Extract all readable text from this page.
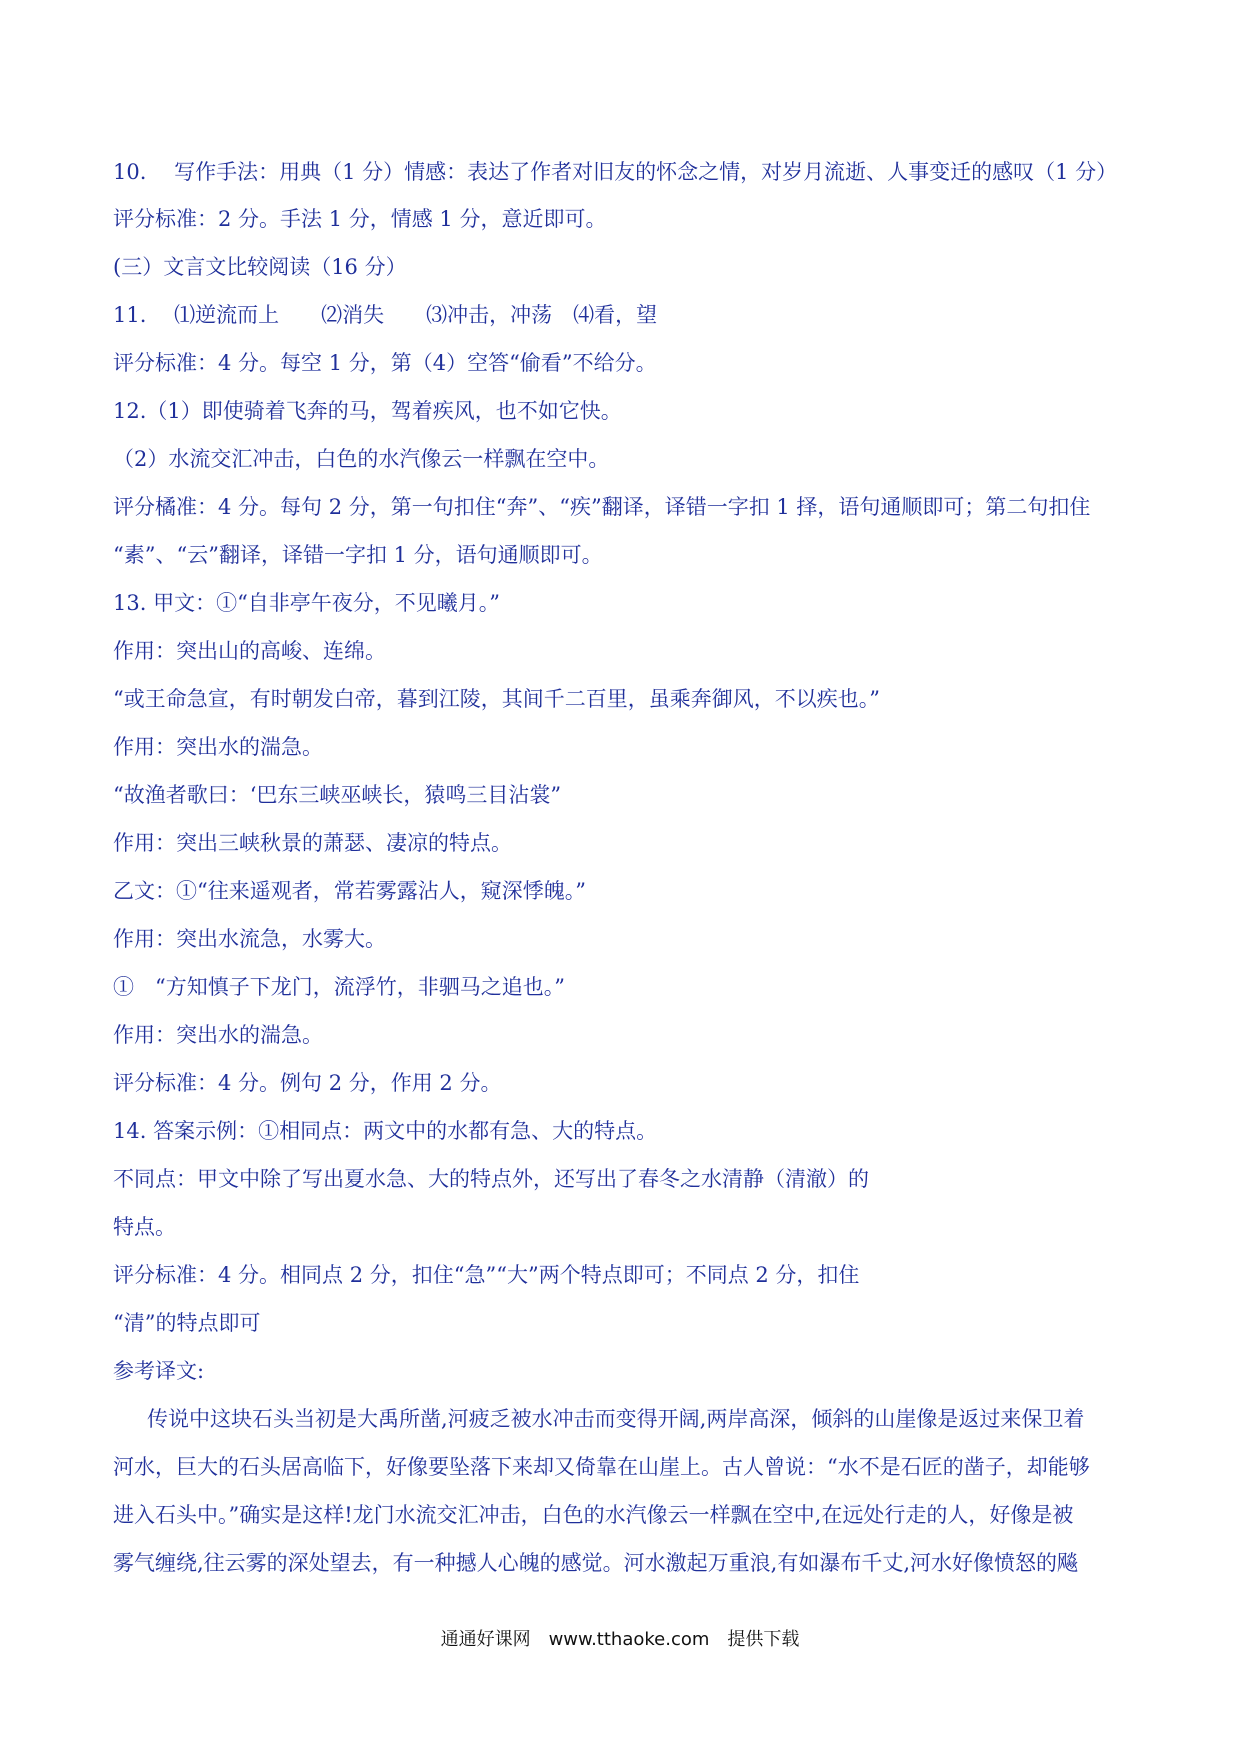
10.　 写作手法：用典（1 分）情感：表达了作者对旧友的怀念之情，对岁月流逝、人事变迁的感叹（1 分）
评分标准：2 分。手法 1 分，情感 1 分，意近即可。
(三）文言文比较阅读（16 分）
11.　 ⑴逆流而上　　⑵消失　　⑶冲击，冲荡　⑷看，望
评分标准：4 分。每空 1 分，第（4）空答“偷看”不给分。
12.（1）即使骑着飞奔的马，驾着疾风，也不如它快。
（2）水流交汇冲击，白色的水汽像云一样飘在空中。
评分橘准：4 分。每句 2 分，第一句扣住“奔”、“疾”翻译，译错一字扣 1 择，语句通顺即可；第二句扣住
“素”、“云”翻译，译错一字扣 1 分，语句通顺即可。
13. 甲文：①“自非亭午夜分，不见曦月。”
作用：突出山的高峻、连绵。
“或王命急宣，有时朝发白帝，暮到江陵，其间千二百里，虽乘奔御风，不以疾也。”
作用：突出水的湍急。
“故渔者歌曰：‘巴东三峡巫峡长，猿鸣三目沾裳”
作用：突出三峡秋景的萧瑟、凄凉的特点。
乙文：①“往来遥观者，常若雾露沾人，窥深悸魄。”
作用：突出水流急，水雾大。
①　“方知慎子下龙门，流浮竹，非驷马之追也。”
作用：突出水的湍急。
评分标准：4 分。例句 2 分，作用 2 分。
14. 答案示例：①相同点：两文中的水都有急、大的特点。
不同点：甲文中除了写出夏水急、大的特点外，还写出了春冬之水清静（清澈）的
特点。
评分标准：4 分。相同点 2 分，扣住“急”“大”两个特点即可；不同点 2 分，扣住
“清”的特点即可
参考译文:
传说中这块石头当初是大禹所凿,河疲乏被水冲击而变得开阔,两岸高深，倾斜的山崖像是返过来保卫着
河水，巨大的石头居高临下，好像要坠落下来却又倚靠在山崖上。古人曾说：“水不是石匠的凿子，却能够
进入石头中。”确实是这样!龙门水流交汇冲击，白色的水汽像云一样飘在空中,在远处行走的人，好像是被
雾气缠绕,往云雾的深处望去，有一种撼人心魄的感觉。河水激起万重浪,有如瀑布千丈,河水好像愤怒的飚
通通好课网　www.tthaoke.com　提供下载
